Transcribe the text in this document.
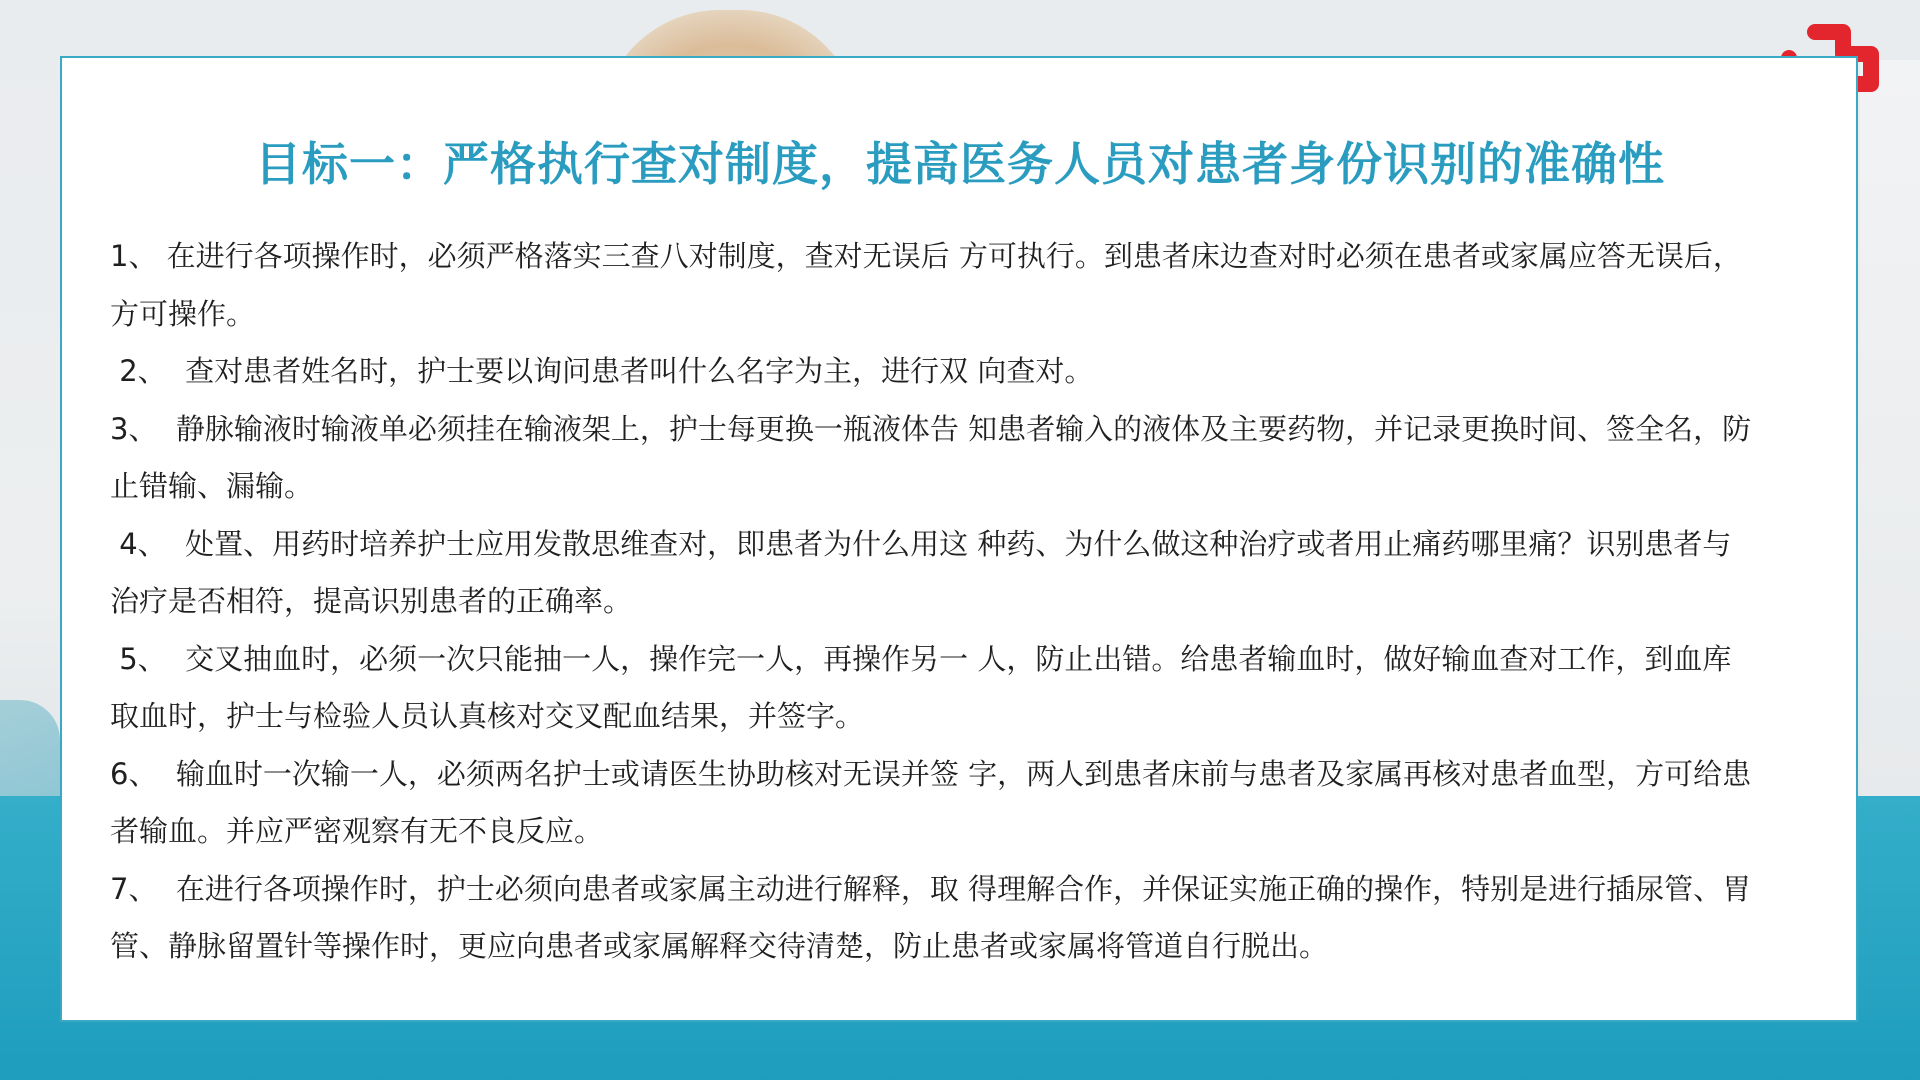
目标一：严格执行查对制度，提高医务人员对患者身份识别的准确性

1、 在进行各项操作时，必须严格落实三查八对制度，查对无误后 方可执行。到患者床边查对时必须在患者或家属应答无误后，方可操作。

2、  查对患者姓名时，护士要以询问患者叫什么名字为主，进行双 向查对。

3、  静脉输液时输液单必须挂在输液架上，护士每更换一瓶液体告 知患者输入的液体及主要药物，并记录更换时间、签全名，防止错输、漏输。

4、  处置、用药时培养护士应用发散思维查对，即患者为什么用这 种药、为什么做这种治疗或者用止痛药哪里痛？识别患者与治疗是否相符，提高识别患者的正确率。

5、  交叉抽血时，必须一次只能抽一人，操作完一人，再操作另一 人，防止出错。给患者输血时，做好输血查对工作，到血库取血时，护士与检验人员认真核对交叉配血结果，并签字。

6、  输血时一次输一人，必须两名护士或请医生协助核对无误并签 字，两人到患者床前与患者及家属再核对患者血型，方可给患者输血。并应严密观察有无不良反应。

7、  在进行各项操作时，护士必须向患者或家属主动进行解释，取 得理解合作，并保证实施正确的操作，特别是进行插尿管、胃管、静脉留置针等操作时，更应向患者或家属解释交待清楚，防止患者或家属将管道自行脱出。
